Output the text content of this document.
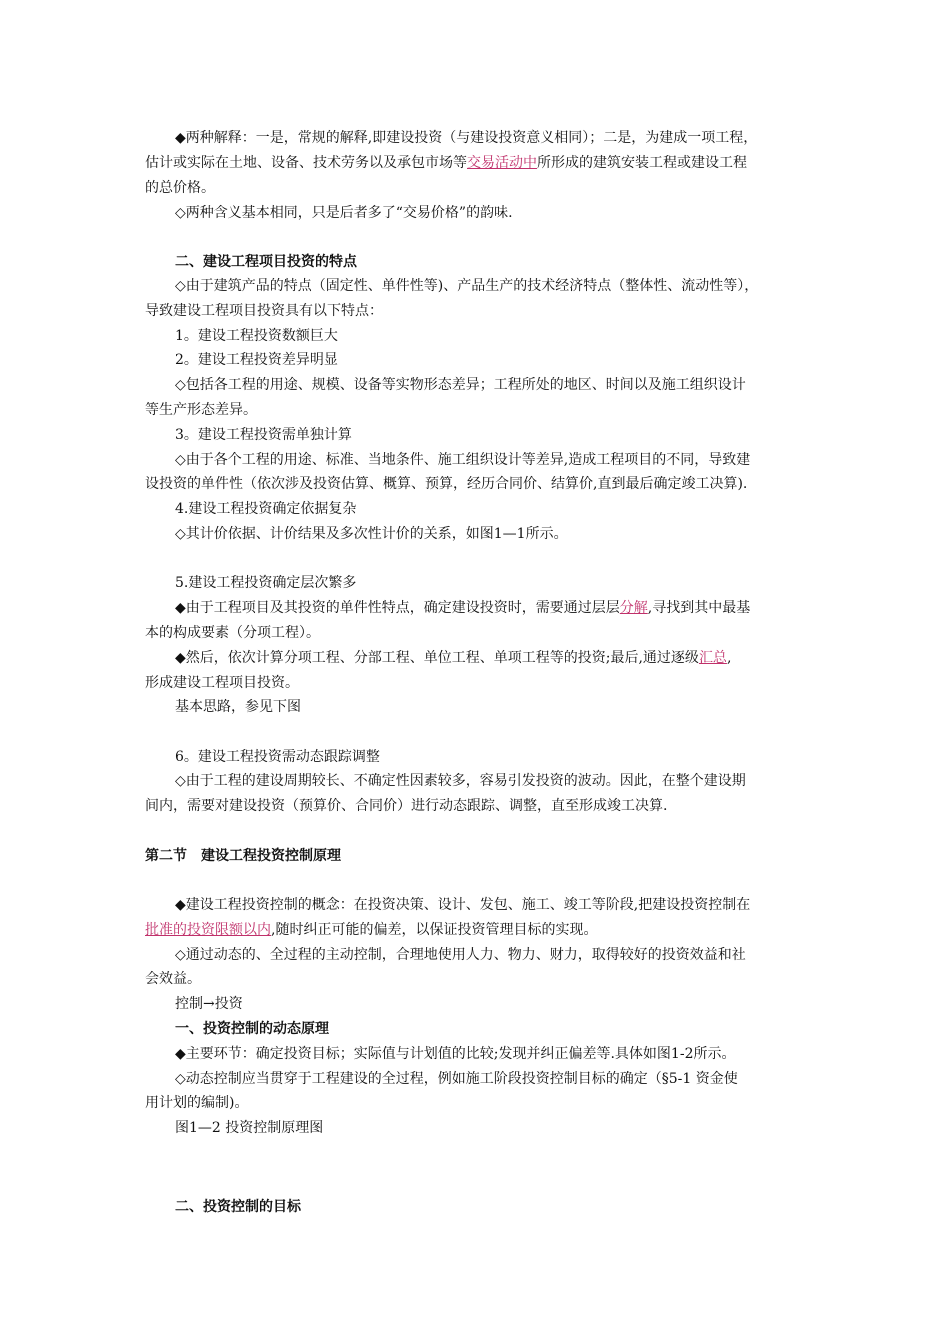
◆两种解释：一是，常规的解释,即建设投资（与建设投资意义相同）；二是，为建成一项工程，
估计或实际在土地、设备、技术劳务以及承包市场等交易活动中所形成的建筑安装工程或建设工程
的总价格。
◇两种含义基本相同，只是后者多了“交易价格”的韵味.
二、建设工程项目投资的特点
◇由于建筑产品的特点（固定性、单件性等)、产品生产的技术经济特点（整体性、流动性等），
导致建设工程项目投资具有以下特点：
1。建设工程投资数额巨大
2。建设工程投资差异明显
◇包括各工程的用途、规模、设备等实物形态差异；工程所处的地区、时间以及施工组织设计
等生产形态差异。
3。建设工程投资需单独计算
◇由于各个工程的用途、标准、当地条件、施工组织设计等差异,造成工程项目的不同，导致建
设投资的单件性（依次涉及投资估算、概算、预算，经历合同价、结算价,直到最后确定竣工决算).
4.建设工程投资确定依据复杂
◇其计价依据、计价结果及多次性计价的关系，如图1—1所示。
5.建设工程投资确定层次繁多
◆由于工程项目及其投资的单件性特点，确定建设投资时，需要通过层层分解,寻找到其中最基
本的构成要素（分项工程）。
◆然后，依次计算分项工程、分部工程、单位工程、单项工程等的投资;最后,通过逐级汇总,
形成建设工程项目投资。
基本思路，参见下图
6。建设工程投资需动态跟踪调整
◇由于工程的建设周期较长、不确定性因素较多，容易引发投资的波动。因此，在整个建设期
间内，需要对建设投资（预算价、合同价）进行动态跟踪、调整，直至形成竣工决算.
第二节　建设工程投资控制原理
◆建设工程投资控制的概念：在投资决策、设计、发包、施工、竣工等阶段,把建设投资控制在
批准的投资限额以内,随时纠正可能的偏差，以保证投资管理目标的实现。
◇通过动态的、全过程的主动控制，合理地使用人力、物力、财力，取得较好的投资效益和社
会效益。
控制→投资
一、投资控制的动态原理
◆主要环节：确定投资目标；实际值与计划值的比较;发现并纠正偏差等.具体如图1-2所示。
◇动态控制应当贯穿于工程建设的全过程，例如施工阶段投资控制目标的确定（§5-1 资金使
用计划的编制)。
图1—2 投资控制原理图
二、投资控制的目标
